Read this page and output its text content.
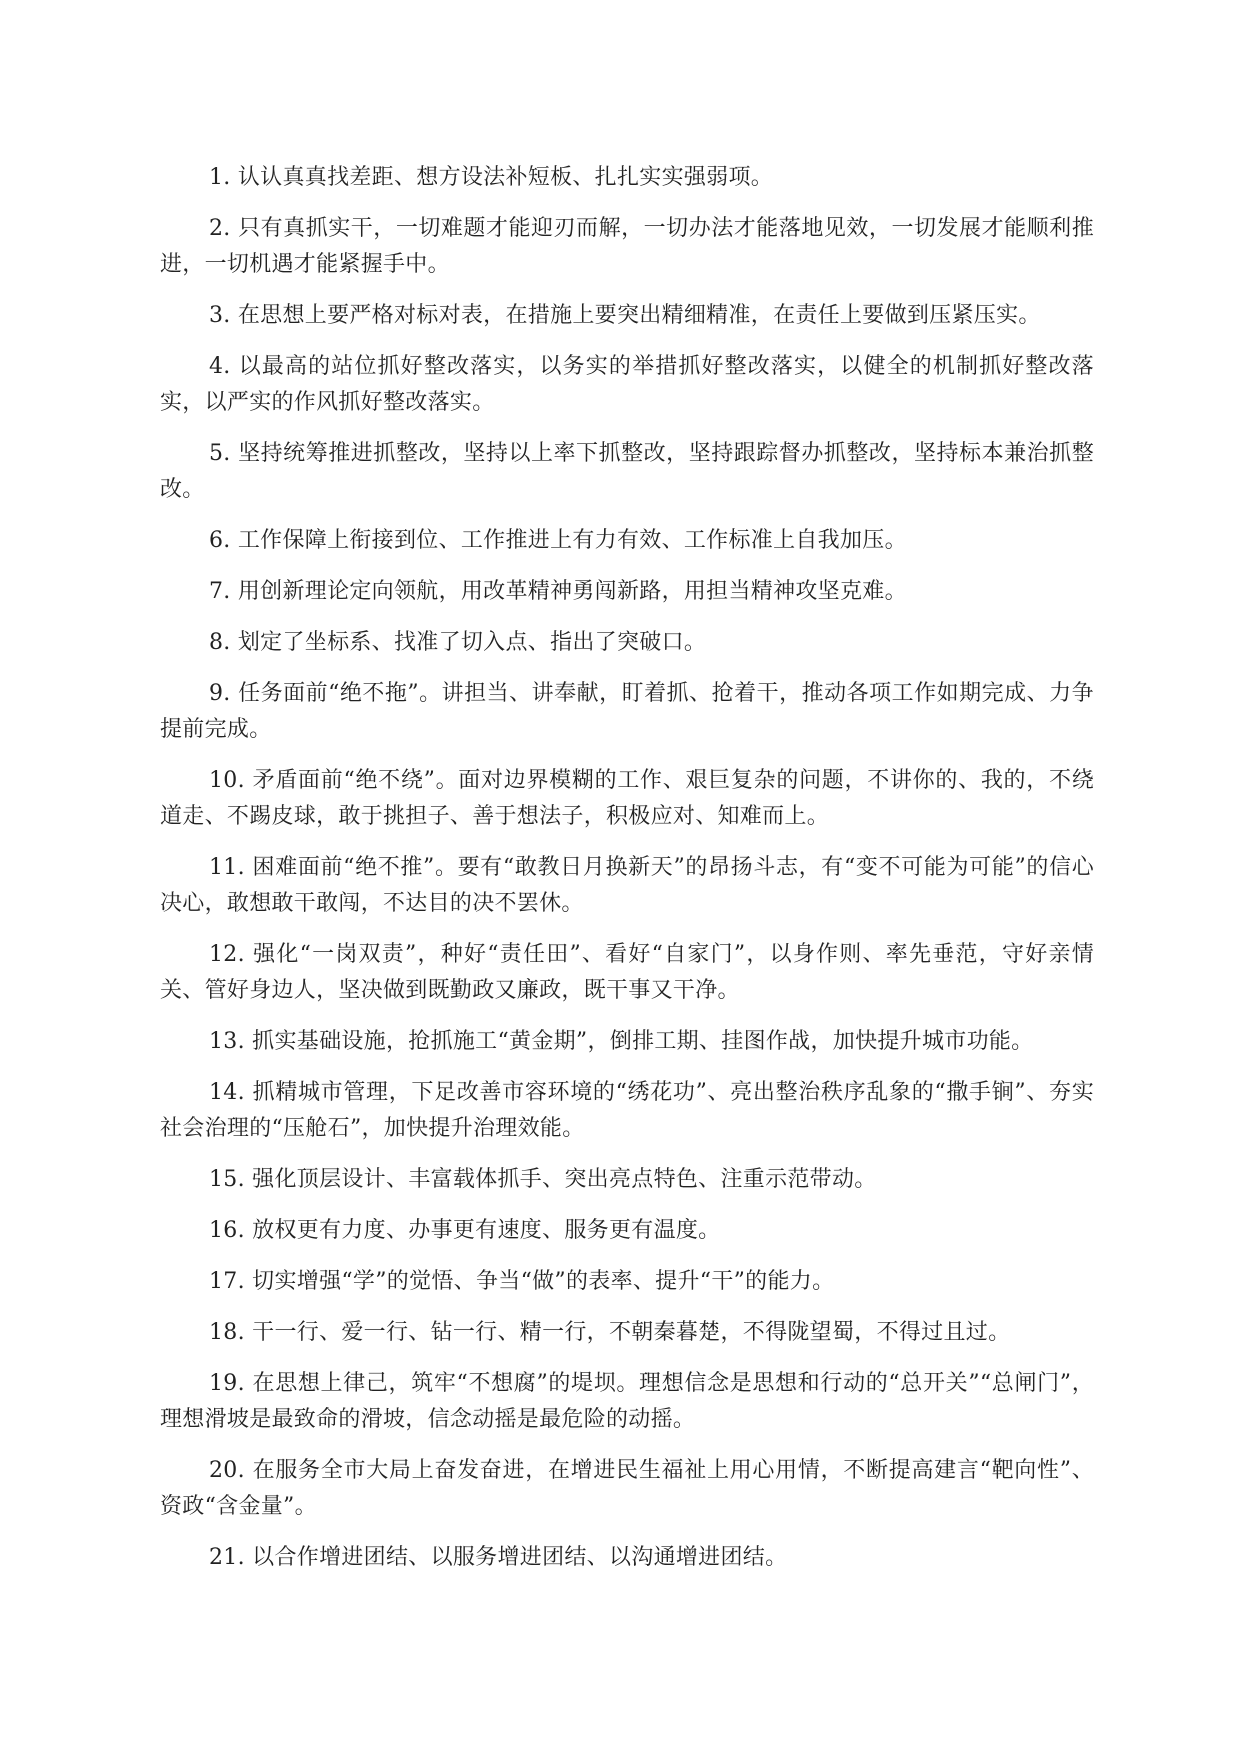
1. 认认真真找差距、想方设法补短板、扎扎实实强弱项。

2. 只有真抓实干，一切难题才能迎刃而解，一切办法才能落地见效，一切发展才能顺利推进，一切机遇才能紧握手中。

3. 在思想上要严格对标对表，在措施上要突出精细精准，在责任上要做到压紧压实。

4. 以最高的站位抓好整改落实，以务实的举措抓好整改落实，以健全的机制抓好整改落实，以严实的作风抓好整改落实。

5. 坚持统筹推进抓整改，坚持以上率下抓整改，坚持跟踪督办抓整改，坚持标本兼治抓整改。

6. 工作保障上衔接到位、工作推进上有力有效、工作标准上自我加压。

7. 用创新理论定向领航，用改革精神勇闯新路，用担当精神攻坚克难。

8. 划定了坐标系、找准了切入点、指出了突破口。

9. 任务面前“绝不拖”。讲担当、讲奉献，盯着抓、抢着干，推动各项工作如期完成、力争提前完成。

10. 矛盾面前“绝不绕”。面对边界模糊的工作、艰巨复杂的问题，不讲你的、我的，不绕道走、不踢皮球，敢于挑担子、善于想法子，积极应对、知难而上。

11. 困难面前“绝不推”。要有“敢教日月换新天”的昂扬斗志，有“变不可能为可能”的信心决心，敢想敢干敢闯，不达目的决不罢休。

12. 强化“一岗双责”，种好“责任田”、看好“自家门”，以身作则、率先垂范，守好亲情关、管好身边人，坚决做到既勤政又廉政，既干事又干净。

13. 抓实基础设施，抢抓施工“黄金期”，倒排工期、挂图作战，加快提升城市功能。

14. 抓精城市管理，下足改善市容环境的“绣花功”、亮出整治秩序乱象的“撒手锏”、夯实社会治理的“压舱石”，加快提升治理效能。

15. 强化顶层设计、丰富载体抓手、突出亮点特色、注重示范带动。

16. 放权更有力度、办事更有速度、服务更有温度。

17. 切实增强“学”的觉悟、争当“做”的表率、提升“干”的能力。

18. 干一行、爱一行、钻一行、精一行，不朝秦暮楚，不得陇望蜀，不得过且过。

19. 在思想上律己，筑牢“不想腐”的堤坝。理想信念是思想和行动的“总开关”“总闸门”，理想滑坡是最致命的滑坡，信念动摇是最危险的动摇。

20. 在服务全市大局上奋发奋进，在增进民生福祉上用心用情，不断提高建言“靶向性”、资政“含金量”。

21. 以合作增进团结、以服务增进团结、以沟通增进团结。
